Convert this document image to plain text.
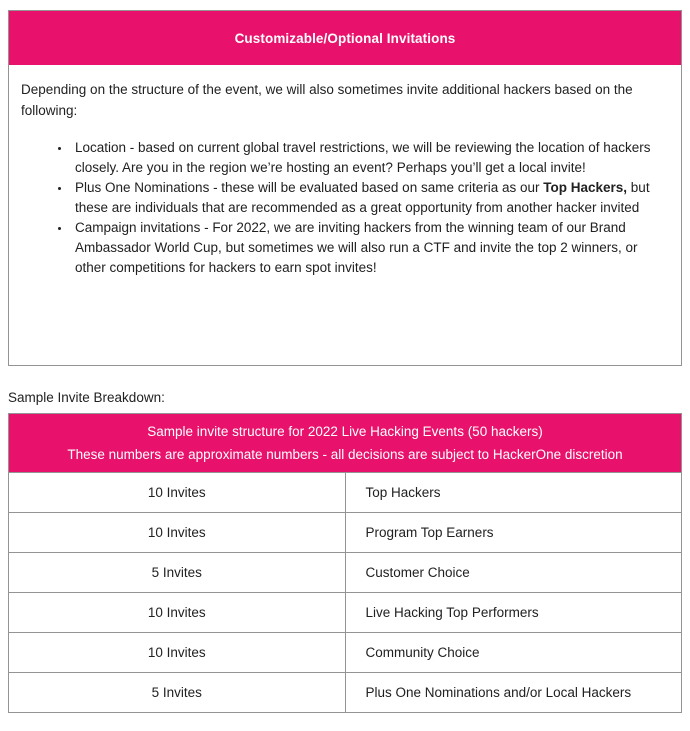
Customizable/Optional Invitations

Depending on the structure of the event, we will also sometimes invite additional hackers based on the following:

• Location - based on current global travel restrictions, we will be reviewing the location of hackers closely. Are you in the region we’re hosting an event? Perhaps you’ll get a local invite!
• Plus One Nominations - these will be evaluated based on same criteria as our Top Hackers, but these are individuals that are recommended as a great opportunity from another hacker invited
• Campaign invitations - For 2022, we are inviting hackers from the winning team of our Brand Ambassador World Cup, but sometimes we will also run a CTF and invite the top 2 winners, or other competitions for hackers to earn spot invites!
Sample Invite Breakdown:
Sample invite structure for 2022 Live Hacking Events (50 hackers)
These numbers are approximate numbers - all decisions are subject to HackerOne discretion	

10 Invites	Top Hackers
10 Invites	Program Top Earners
5 Invites	Customer Choice
10 Invites	Live Hacking Top Performers
10 Invites	Community Choice
5 Invites	Plus One Nominations and/or Local Hackers
